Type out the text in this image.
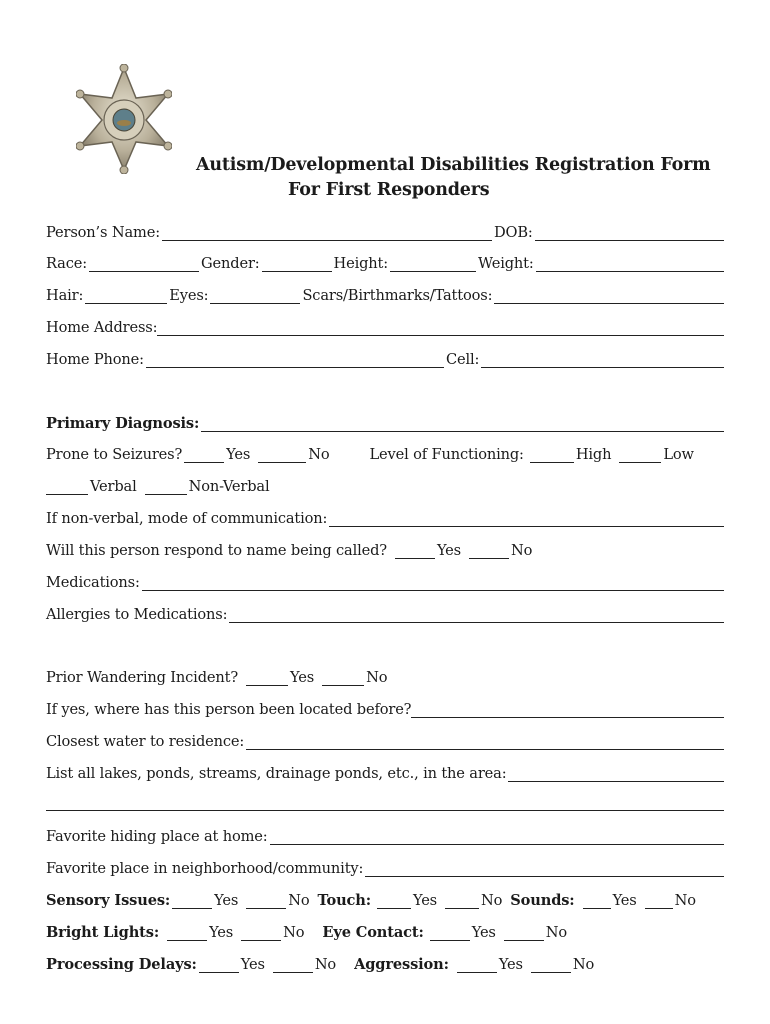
Autism/Developmental Disabilities Registration Form
For First Responders
Person’s Name:	DOB:
Race:	Gender:	Height:	Weight:
Hair:	Eyes:	Scars/Birthmarks/Tattoos:
Home Address:
Home Phone:	Cell:
Primary Diagnosis:
Prone to Seizures?	Yes	No	Level of Functioning:	High	Low
Verbal	Non-Verbal
If non-verbal, mode of communication:
Will this person respond to name being called?	Yes	No
Medications:
Allergies to Medications:
Prior Wandering Incident?	Yes	No
If yes, where has this person been located before?
Closest water to residence:
List all lakes, ponds, streams, drainage ponds, etc., in the area:
Favorite hiding place at home:
Favorite place in neighborhood/community:
Sensory Issues:	Yes	No Touch:	Yes	No Sounds:	Yes	No
Bright Lights:	Yes	No Eye Contact:	Yes	No
Processing Delays:	Yes	No Aggression:	Yes	No
